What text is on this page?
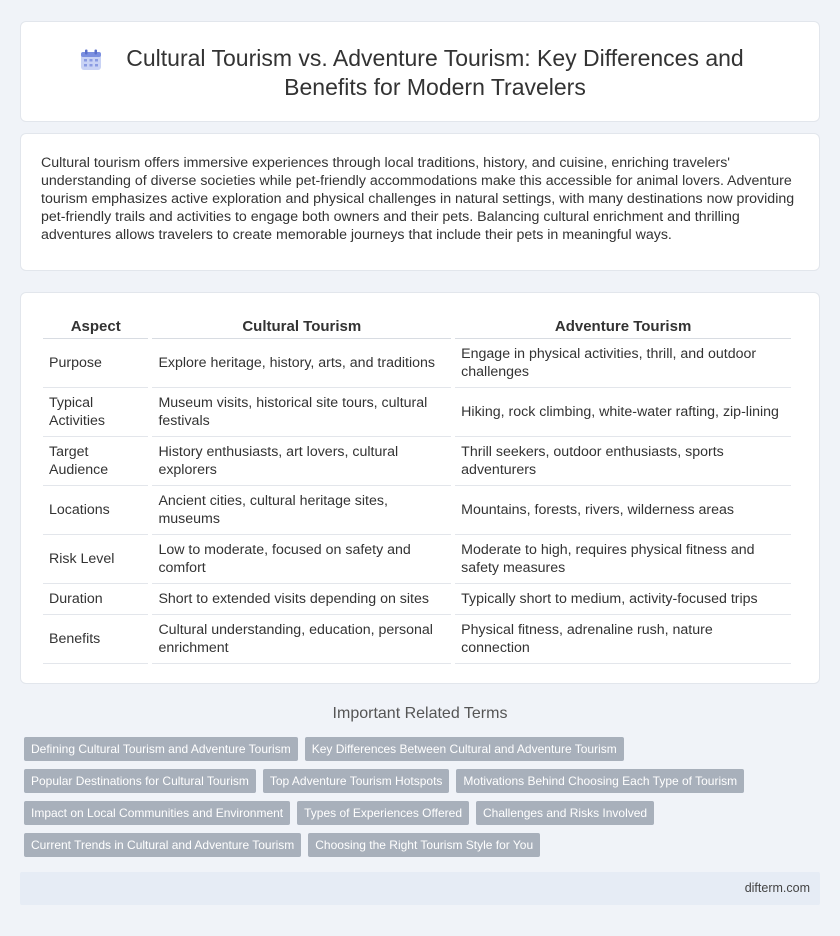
Cultural Tourism vs. Adventure Tourism: Key Differences and Benefits for Modern Travelers

Cultural tourism offers immersive experiences through local traditions, history, and cuisine, enriching travelers' understanding of diverse societies while pet-friendly accommodations make this accessible for animal lovers. Adventure tourism emphasizes active exploration and physical challenges in natural settings, with many destinations now providing pet-friendly trails and activities to engage both owners and their pets. Balancing cultural enrichment and thrilling adventures allows travelers to create memorable journeys that include their pets in meaningful ways.

Aspect	Cultural Tourism	Adventure Tourism
Purpose	Explore heritage, history, arts, and traditions	Engage in physical activities, thrill, and outdoor challenges
Typical Activities	Museum visits, historical site tours, cultural festivals	Hiking, rock climbing, white-water rafting, zip-lining
Target Audience	History enthusiasts, art lovers, cultural explorers	Thrill seekers, outdoor enthusiasts, sports adventurers
Locations	Ancient cities, cultural heritage sites, museums	Mountains, forests, rivers, wilderness areas
Risk Level	Low to moderate, focused on safety and comfort	Moderate to high, requires physical fitness and safety measures
Duration	Short to extended visits depending on sites	Typically short to medium, activity-focused trips
Benefits	Cultural understanding, education, personal enrichment	Physical fitness, adrenaline rush, nature connection
Important Related Terms
Defining Cultural Tourism and Adventure Tourism	Key Differences Between Cultural and Adventure Tourism
Popular Destinations for Cultural Tourism	Top Adventure Tourism Hotspots	Motivations Behind Choosing Each Type of Tourism
Impact on Local Communities and Environment	Types of Experiences Offered	Challenges and Risks Involved
Current Trends in Cultural and Adventure Tourism	Choosing the Right Tourism Style for You
difterm.com
